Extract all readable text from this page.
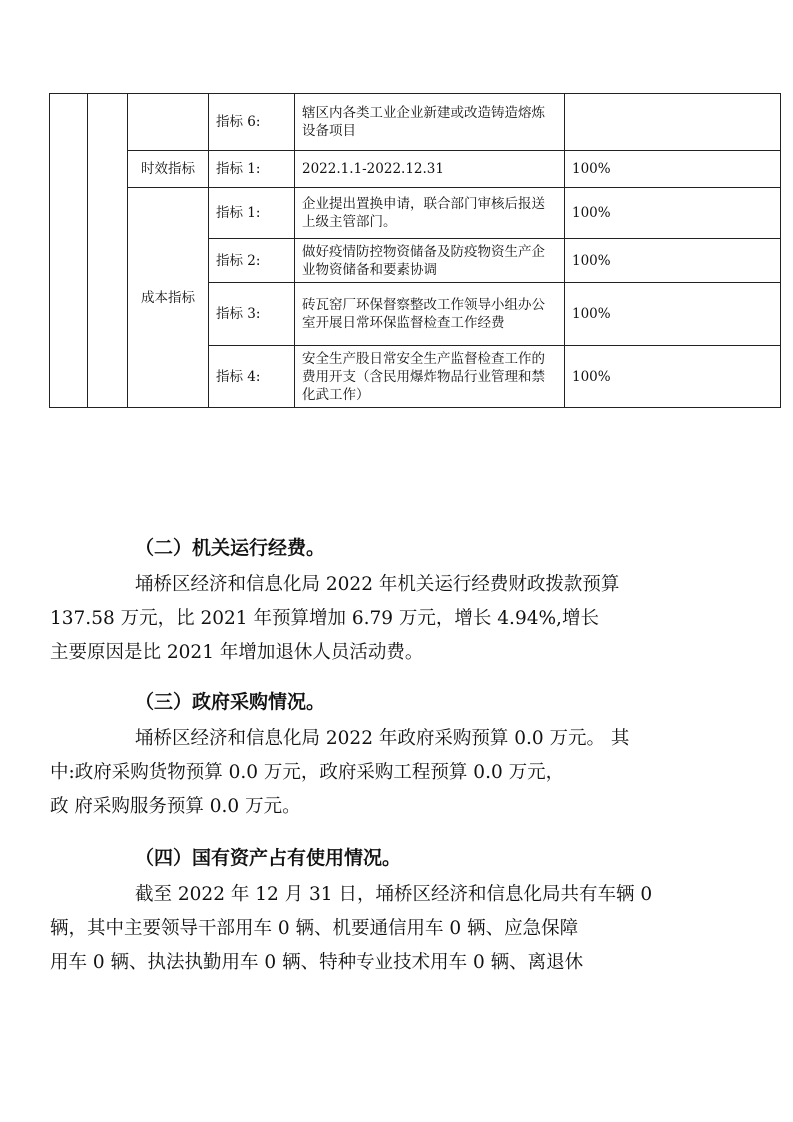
			指标 6:	辖区内各类工业企业新建或改造铸造熔炼设备项目	
		时效指标	指标 1:	2022.1.1-2022.12.31	100%
		成本指标	指标 1:	企业提出置换申请，联合部门审核后报送上级主管部门。	100%
			指标 2:	做好疫情防控物资储备及防疫物资生产企业物资储备和要素协调	100%
			指标 3:	砖瓦窑厂环保督察整改工作领导小组办公室开展日常环保监督检查工作经费	100%
			指标 4:	安全生产股日常安全生产监督检查工作的费用开支（含民用爆炸物品行业管理和禁化武工作）	100%
（二）机关运行经费。
埇桥区经济和信息化局 2022 年机关运行经费财政拨款预算
137.58 万元，比 2021 年预算增加 6.79 万元，增长 4.94%,增长
主要原因是比 2021 年增加退休人员活动费。
（三）政府采购情况。
埇桥区经济和信息化局 2022 年政府采购预算 0.0 万元。 其
中:政府采购货物预算 0.0 万元，政府采购工程预算 0.0 万元，
政 府采购服务预算 0.0 万元。
（四）国有资产占有使用情况。
截至 2022 年 12 月 31 日，埇桥区经济和信息化局共有车辆 0
辆，其中主要领导干部用车 0 辆、机要通信用车 0 辆、应急保障
用车 0 辆、执法执勤用车 0 辆、特种专业技术用车 0 辆、离退休
